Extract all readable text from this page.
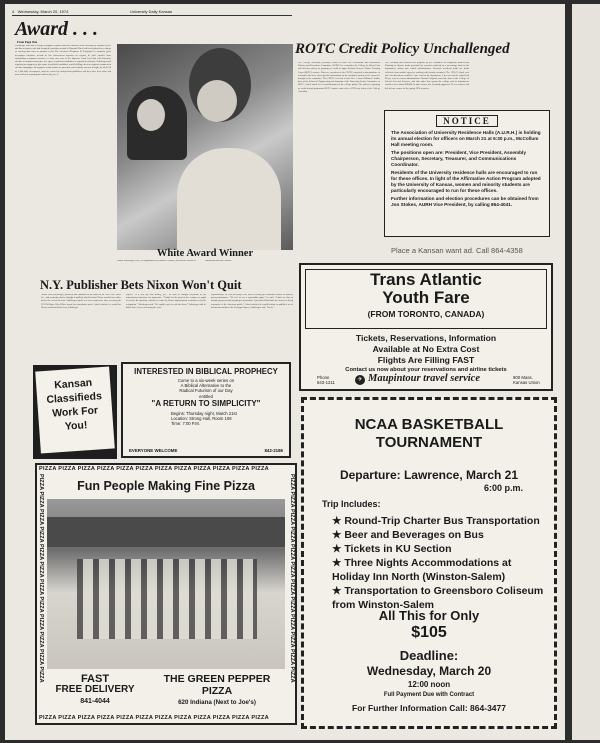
4 Wednesday, March 20, 1974	University Daily Kansan
Award . . .
From Page One
Salisberger said that a college newspaper reporter had been arrested while traveling to Wounded Knee and that a reporter who had occupied a position on staff at Wounded Knee had been indicted on a charge of crossing state lines to promote a riot. The American Telephone & Telegraph Co. routinely gives newspaper telephone records to law enforcement agencies on request, he said. Another issue confronting newspapers involves a court case now in the Supreme Court level that will determine whether newspapers must give free space to political candidates to respond to criticism. Salisberger said requiring newspapers to give space to political candidates would chilling effect on vigorous comment in election campaigns. Newspapers in this nation are powerful, and certainly not near in fight, he said. Out of 1,444 daily newspapers, most are owned by independent publishers and they have been more and more stifled in reporting the truth as they see it.
White Award Winner
Arthur Salisberger (left), is congratulated by Edward P. Bassett, dean of the School of	Journalism and Mrs. Bassett.
ROTC Credit Policy Unchallenged
The College Assembly yesterday refused to force the Curriculum and Educational Policies and Procedures Committee (CEPPC) to reconsider the College of Liberal Arts and Sciences policy of granting no credit to upper division Reserve Officer Training Corps (ROTC) courses. However, members of the CEPPC requested a subcommittee to reconsider the issue when specific information on the academic content of the courses is brought to the committee. The CEPPC received a letter Dec. 3 from William P. Smith, dean of the School of Engineering and chairman of the University Senate Committee on ROTC, which asked for a reconsideration of the college policy. The policy of granting no credit toward graduation ROTC courses came after a 1970 vote taken of the College Assembly.
The Assembly also removed the proposal by the Committee on Budgetary Matters and Planning to allocate funds generated by research overhead on a percentage basis to the department, school and central administration. Research overhead funds are funds collected from outside agencies working with faculty members. The 1974-75 fiscal year rates for allocations would be 5 per cent for the department, 5 per cent for the school and 90 per cent to central administration. Ronald Calgaard, associate dean of the College of Liberal Arts and Sciences, said that under this system the college and its departments would receive about $90,000. In other action, the Assembly approved 19 new courses and deleted one course for the spring 1974 semester.
NOTICE
The Association of University Residence Halls (A.U.R.H.) is holding its annual election for officers on March 21 at 6:30 p.m., McCollum Hall meeting room.
The positions open are: President, Vice President, Assembly Chairperson, Secretary, Treasurer, and Communications Coordinator.
Residents of the University residence halls are encouraged to run for these offices. In light of the Affirmative Action Program adopted by the University of Kansas, women and minority students are particularly encouraged to run for these offices.
Further information and election procedures can be obtained from Jon Stokes, AURH Vice President, by calling 864-4041.
Place a Kansan want ad. Call 864-4358
N.Y. Publisher Bets Nixon Won't Quit
Arthur Ochs Salisberger, president and chairman of the board of the New York Times Co., said yesterday that he thought it unlikely that President Nixon would leave office before the end of his term. Salisberger spoke at a news conference after receiving the 1974 William Allen White award for journalistic merit. Asked whether he would bet Nixon would finish his term, Salisberger
replied, "If it was my own money, yes." He said he thought resolution of the impeachment question was imperative. "I think for the good of the country we ought to resolve the question, whether it comes by House impeachment resolution or by his resignation," Salisberger said. "We ought to get on with the show." Salisberger said he didn't have views concerning the news
responsibility. He was referring to the idea of setting up a national council to monitor press performance. "We feel we are a responsible paper," he said. "I don't see that an outside group can add anything to journalism. I just don't think that's the answer to being responsive to the American public." Asked whether he would hesitate to publish a set of documents similar to the Pentagon Papers, Salisberger said, "No sir."
Kansan Classifieds Work For You!
INTERESTED IN BIBLICAL PROPHECY
Come to a six-week series on
A Biblical Alternative to the
Radical Futurism of our Day
entitled
"A RETURN TO SIMPLICITY"
Begins: Thursday night, March 21st
Location: Strong Hall, Room 108
Time: 7:00 P.M.
EVERYONE WELCOME	842-2186
PIZZA PIZZA PIZZA PIZZA PIZZA PIZZA PIZZA PIZZA PIZZA PIZZA PIZZA PIZZA
PIZZA PIZZA PIZZA PIZZA PIZZA PIZZA PIZZA PIZZA PIZZA PIZZA PIZZA PIZZA
PIZZA PIZZA PIZZA PIZZA PIZZA PIZZA PIZZA PIZZA PIZZA PIZZA PIZZA PIZZA	PIZZA PIZZA PIZZA PIZZA PIZZA PIZZA PIZZA PIZZA PIZZA PIZZA PIZZA PIZZA
Fun People Making Fine Pizza
FAST
FREE DELIVERY
841-4044
THE GREEN PEPPER
PIZZA
620 Indiana (Next to Joe's)
Trans Atlantic
Youth Fare
(FROM TORONTO, CANADA)
Tickets, Reservations, Information
Available at No Extra Cost
Flights Are Filling FAST
Contact us now about your reservations and airline tickets
Phone
843-1211	✈ Maupintour travel service	900 Mass.
Kansas Union
NCAA BASKETBALL
TOURNAMENT
Departure: Lawrence, March 21
6:00 p.m.
Trip Includes:
★ Round-Trip Charter Bus Transportation
★ Beer and Beverages on Bus
★ Tickets in KU Section
★ Three Nights Accommodations at Holiday Inn North (Winston-Salem)
★ Transportation to Greensboro Coliseum from Winston-Salem
All This for Only
$105
Deadline:
Wednesday, March 20
12:00 noon
Full Payment Due with Contract
For Further Information Call: 864-3477
